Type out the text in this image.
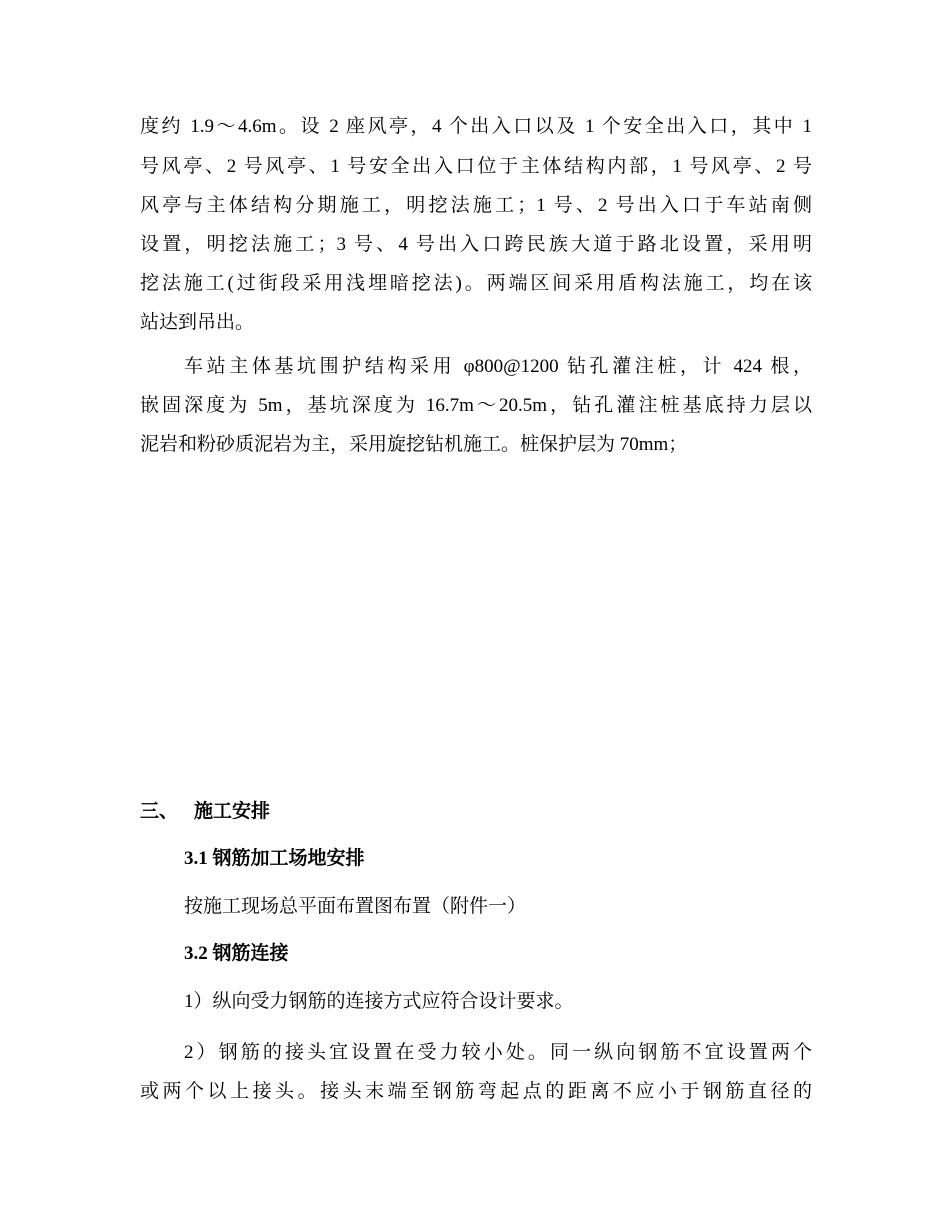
度约 1.9～4.6m。设 2 座风亭，4 个出入口以及 1 个安全出入口，其中 1
号风亭、2 号风亭、1 号安全出入口位于主体结构内部，1 号风亭、2 号
风亭与主体结构分期施工，明挖法施工；1 号、2 号出入口于车站南侧
设置，明挖法施工；3 号、4 号出入口跨民族大道于路北设置，采用明
挖法施工(过街段采用浅埋暗挖法)。两端区间采用盾构法施工，均在该
站达到吊出。
车站主体基坑围护结构采用 φ800@1200 钻孔灌注桩，计 424 根，
嵌固深度为 5m，基坑深度为 16.7m～20.5m，钻孔灌注桩基底持力层以
泥岩和粉砂质泥岩为主，采用旋挖钻机施工。桩保护层为 70mm；
三、 施工安排
3.1 钢筋加工场地安排
按施工现场总平面布置图布置（附件一）
3.2 钢筋连接
1）纵向受力钢筋的连接方式应符合设计要求。
2）钢筋的接头宜设置在受力较小处。同一纵向钢筋不宜设置两个
或两个以上接头。接头末端至钢筋弯起点的距离不应小于钢筋直径的
